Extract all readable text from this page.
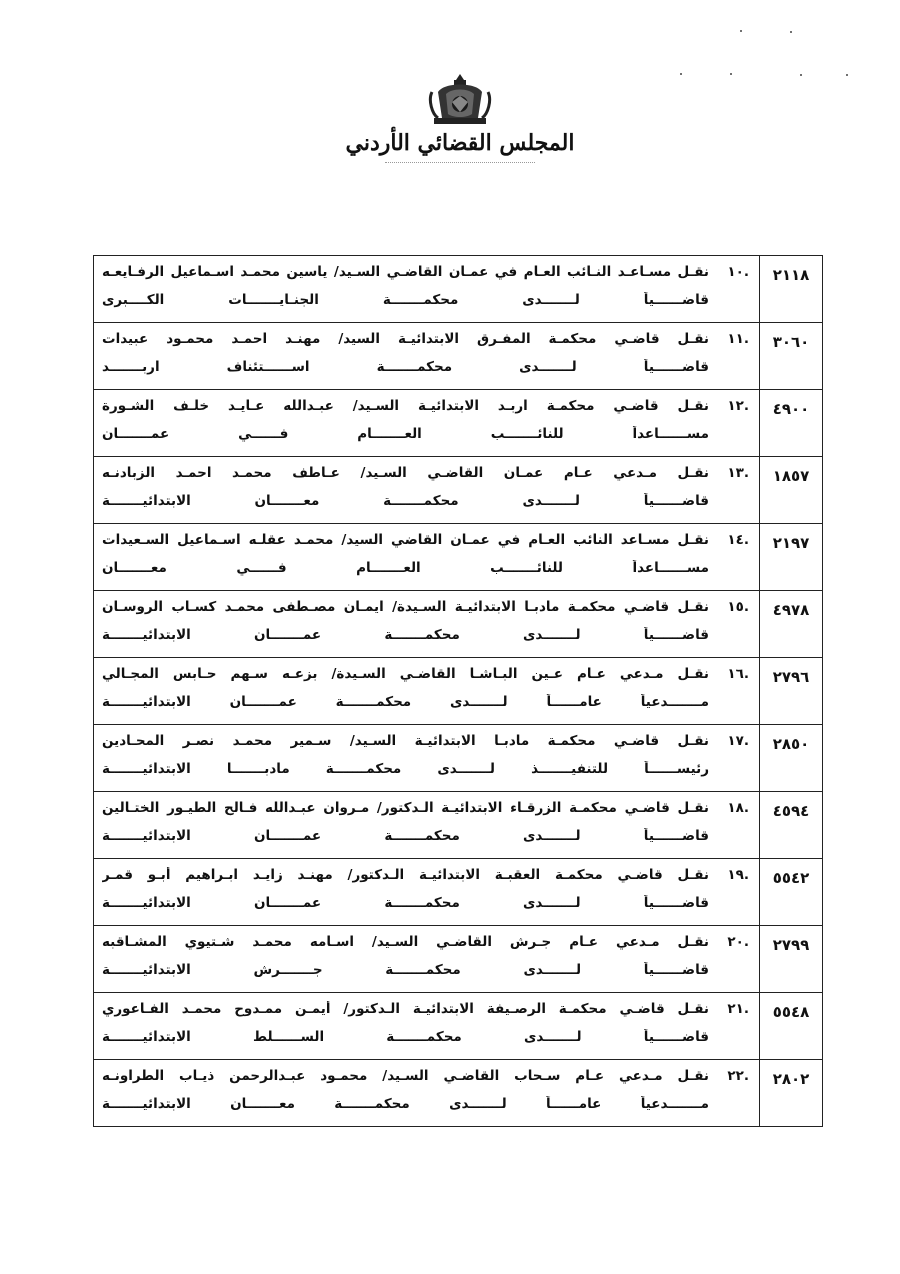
المجلس القضائي الأردني
٢١١٨	.١٠
نقـل مسـاعـد النـائب العـام في عمـان القاضـي السـيد/ ياسين محمـد اسـماعيل الرفـايعـه
قاضــــــياً لـــــــدى محكمـــــــة الجنـايـــــــات الكــــبرى

٣٠٦٠	.١١
نقـل قاضـي محكمـة المفـرق الابتدائيـة السيد/ مهنـد احمـد محمـود عبيدات
قاضــــــياً لـــــــدى محكمـــــــة اســــــتئناف اربـــــــد

٤٩٠٠	.١٢
نقـل قاضـي محكمـة اربـد الابتدائيـة السـيد/ عبـدالله عـايـد خلـف الشـورة
مســــــاعداً للنائـــــــب العـــــــام فــــــي عمـــــــان

١٨٥٧	.١٣
نقـل مـدعي عـام عمـان القاضـي السـيد/ عـاطف محمـد احمـد الزبادنـه
قاضــــــياً لـــــــدى محكمـــــــة معـــــــان الابتدائيـــــــة

٢١٩٧	.١٤
نقـل مسـاعد النائب العـام في عمـان القاضي السيد/ محمـد عقلـه اسـماعيل السـعيدات
مســــــاعداً للنائـــــــب العـــــــام فــــــي معـــــــان

٤٩٧٨	.١٥
نقـل قاضـي محكمـة مادبـا الابتدائيـة السـيدة/ ايمـان مصـطفى محمـد كسـاب الروسـان
قاضــــــياً لـــــــدى محكمـــــــة عمـــــــان الابتدائيـــــــة

٢٧٩٦	.١٦
نقـل مـدعي عـام عـين البـاشـا القاضـي السـيدة/ بزعـه سـهم حـابس المجـالي
مـــــــدعياً عامــــــاً لـــــــدى محكمـــــــة عمـــــــان الابتدائيـــــــة

٢٨٥٠	.١٧
نقـل قاضـي محكمـة مادبـا الابتدائيـة السـيد/ سـمير محمـد نصـر المحـادين
رئيســــــاً للتنفيـــــــذ لـــــــدى محكمـــــــة مادبـــــــا الابتدائيـــــــة

٤٥٩٤	.١٨
نقـل قاضـي محكمـة الزرقـاء الابتدائيـة الـدكتور/ مـروان عبـدالله فـالح الطيـور الختـالين
قاضــــــياً لـــــــدى محكمـــــــة عمـــــــان الابتدائيـــــــة

٥٥٤٢	.١٩
نقـل قاضـي محكمـة العقبـة الابتدائيـة الـدكتور/ مهنـد زايـد ابـراهيم أبـو قمـر
قاضــــــياً لـــــــدى محكمـــــــة عمـــــــان الابتدائيـــــــة

٢٧٩٩	.٢٠
نقـل مـدعي عـام جـرش القاضـي السـيد/ اسـامه محمـد شـتيوي المشـاقبه
قاضــــــياً لـــــــدى محكمـــــــة جـــــــرش الابتدائيـــــــة

٥٥٤٨	.٢١
نقـل قاضـي محكمـة الرصـيفة الابتدائيـة الـدكتور/ أيمـن ممـدوح محمـد الفـاعوري
قاضــــــياً لـــــــدى محكمـــــــة الســــــلط الابتدائيـــــــة

٢٨٠٢	.٢٢
نقـل مـدعي عـام سـحاب القاضـي السـيد/ محمـود عبـدالرحمن ذيـاب الطراونـه
مـــــــدعياً عامــــــاً لـــــــدى محكمـــــــة معـــــــان الابتدائيـــــــة
